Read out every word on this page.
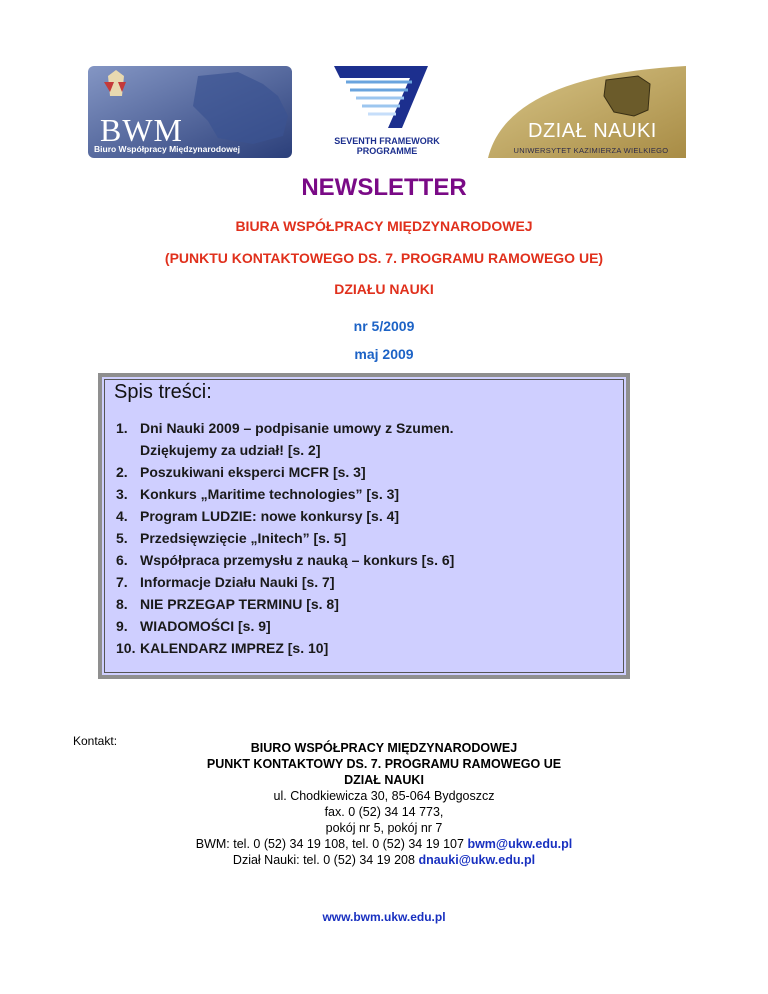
BWM
Biuro Współpracy Międzynarodowej
SEVENTH FRAMEWORK
PROGRAMME
DZIAŁ NAUKI
UNIWERSYTET KAZIMIERZA WIELKIEGO
NEWSLETTER
BIURA WSPÓŁPRACY MIĘDZYNARODOWEJ
(PUNKTU KONTAKTOWEGO DS. 7. PROGRAMU RAMOWEGO UE)
DZIAŁU NAUKI
nr 5/2009
maj 2009
Spis treści:
1. Dni Nauki 2009 – podpisanie umowy z Szumen.
Dziękujemy za udział! [s. 2]
2. Poszukiwani eksperci MCFR [s. 3]
3. Konkurs „Maritime technologies” [s. 3]
4. Program LUDZIE: nowe konkursy [s. 4]
5. Przedsięwzięcie „Initech” [s. 5]
6. Współpraca przemysłu z nauką – konkurs [s. 6]
7. Informacje Działu Nauki [s. 7]
8. NIE PRZEGAP TERMINU [s. 8]
9. WIADOMOŚCI [s. 9]
10. KALENDARZ IMPREZ [s. 10]
Kontakt:	BIURO WSPÓŁPRACY MIĘDZYNARODOWEJ
PUNKT KONTAKTOWY DS. 7. PROGRAMU RAMOWEGO UE
DZIAŁ NAUKI
ul. Chodkiewicza 30, 85-064 Bydgoszcz
fax. 0 (52) 34 14 773,
pokój nr 5, pokój nr 7
BWM: tel. 0 (52) 34 19 108, tel. 0 (52) 34 19 107 bwm@ukw.edu.pl
Dział Nauki: tel. 0 (52) 34 19 208 dnauki@ukw.edu.pl
www.bwm.ukw.edu.pl
